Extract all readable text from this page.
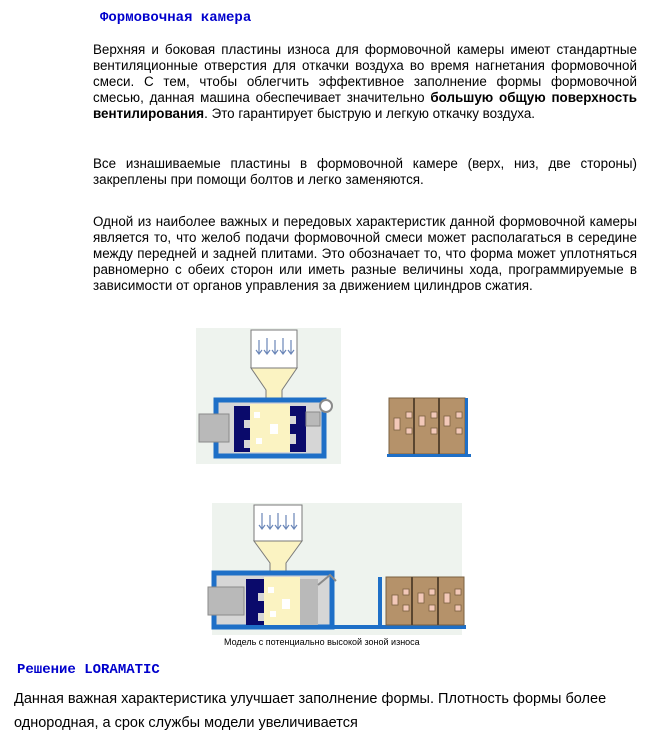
Формовочная камера

Верхняя и боковая пластины износа для формовочной камеры имеют стандартные вентиляционные отверстия для откачки воздуха во время нагнетания формовочной смеси. С тем, чтобы облегчить эффективное заполнение формы формовочной смесью, данная машина обеспечивает значительно большую общую поверхность вентилирования. Это гарантирует быструю и легкую откачку воздуха.

Все изнашиваемые пластины в формовочной камере (верх, низ, две стороны) закреплены при помощи болтов и легко заменяются.

Одной из наиболее важных и передовых характеристик данной формовочной камеры является то, что желоб подачи формовочной смеси может располагаться в середине между передней и задней плитами. Это обозначает то, что форма может уплотняться равномерно с обеих сторон или иметь разные величины хода, программируемые в зависимости от органов управления за движением цилиндров сжатия.

Модель с потенциально высокой зоной износа

Решение LORAMATIC

Данная важная характеристика улучшает заполнение формы. Плотность формы более однородная, а срок службы модели увеличивается
